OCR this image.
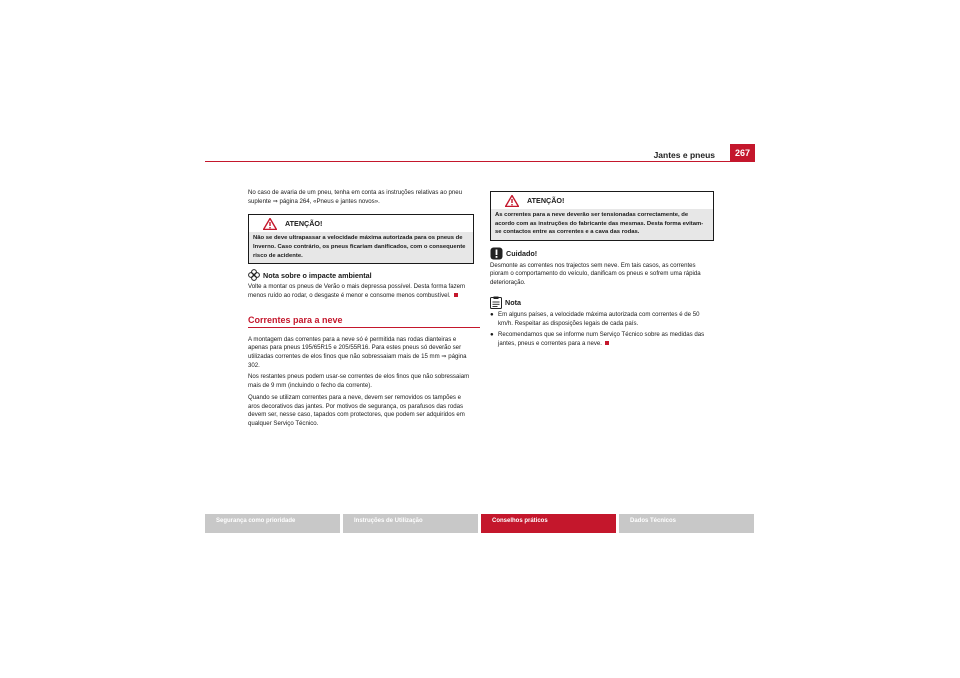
Jantes e pneus	267

No caso de avaria de um pneu, tenha em conta as instruções relativas ao pneu suplente ⇒ página 264, «Pneus e jantes novos».

ATENÇÃO!
Não se deve ultrapassar a velocidade máxima autorizada para os pneus de Inverno. Caso contrário, os pneus ficariam danificados, com o consequente risco de acidente.
Nota sobre o impacte ambiental

Volte a montar os pneus de Verão o mais depressa possível. Desta forma fazem menos ruído ao rodar, o desgaste é menor e consome menos combustível.

Correntes para a neve

A montagem das correntes para a neve só é permitida nas rodas dianteiras e apenas para pneus 195/65R15 e 205/55R16. Para estes pneus só deverão ser utilizadas correntes de elos finos que não sobressaiam mais de 15 mm ⇒ página 302.

Nos restantes pneus podem usar-se correntes de elos finos que não sobressaiam mais de 9 mm (incluindo o fecho da corrente).

Quando se utilizam correntes para a neve, devem ser removidos os tampões e aros decorativos das jantes. Por motivos de segurança, os parafusos das rodas devem ser, nesse caso, tapados com protectores, que podem ser adquiridos em qualquer Serviço Técnico.

ATENÇÃO!
As correntes para a neve deverão ser tensionadas correctamente, de acordo com as instruções do fabricante das mesmas. Desta forma evitam-se contactos entre as correntes e a cava das rodas.
Cuidado!

Desmonte as correntes nos trajectos sem neve. Em tais casos, as correntes pioram o comportamento do veículo, danificam os pneus e sofrem uma rápida deterioração.

Nota
● Em alguns países, a velocidade máxima autorizada com correntes é de 50 km/h. Respeitar as disposições legais de cada país.
● Recomendamos que se informe num Serviço Técnico sobre as medidas das jantes, pneus e correntes para a neve.
Segurança como prioridade	Instruções de Utilização	Conselhos práticos	Dados Técnicos
